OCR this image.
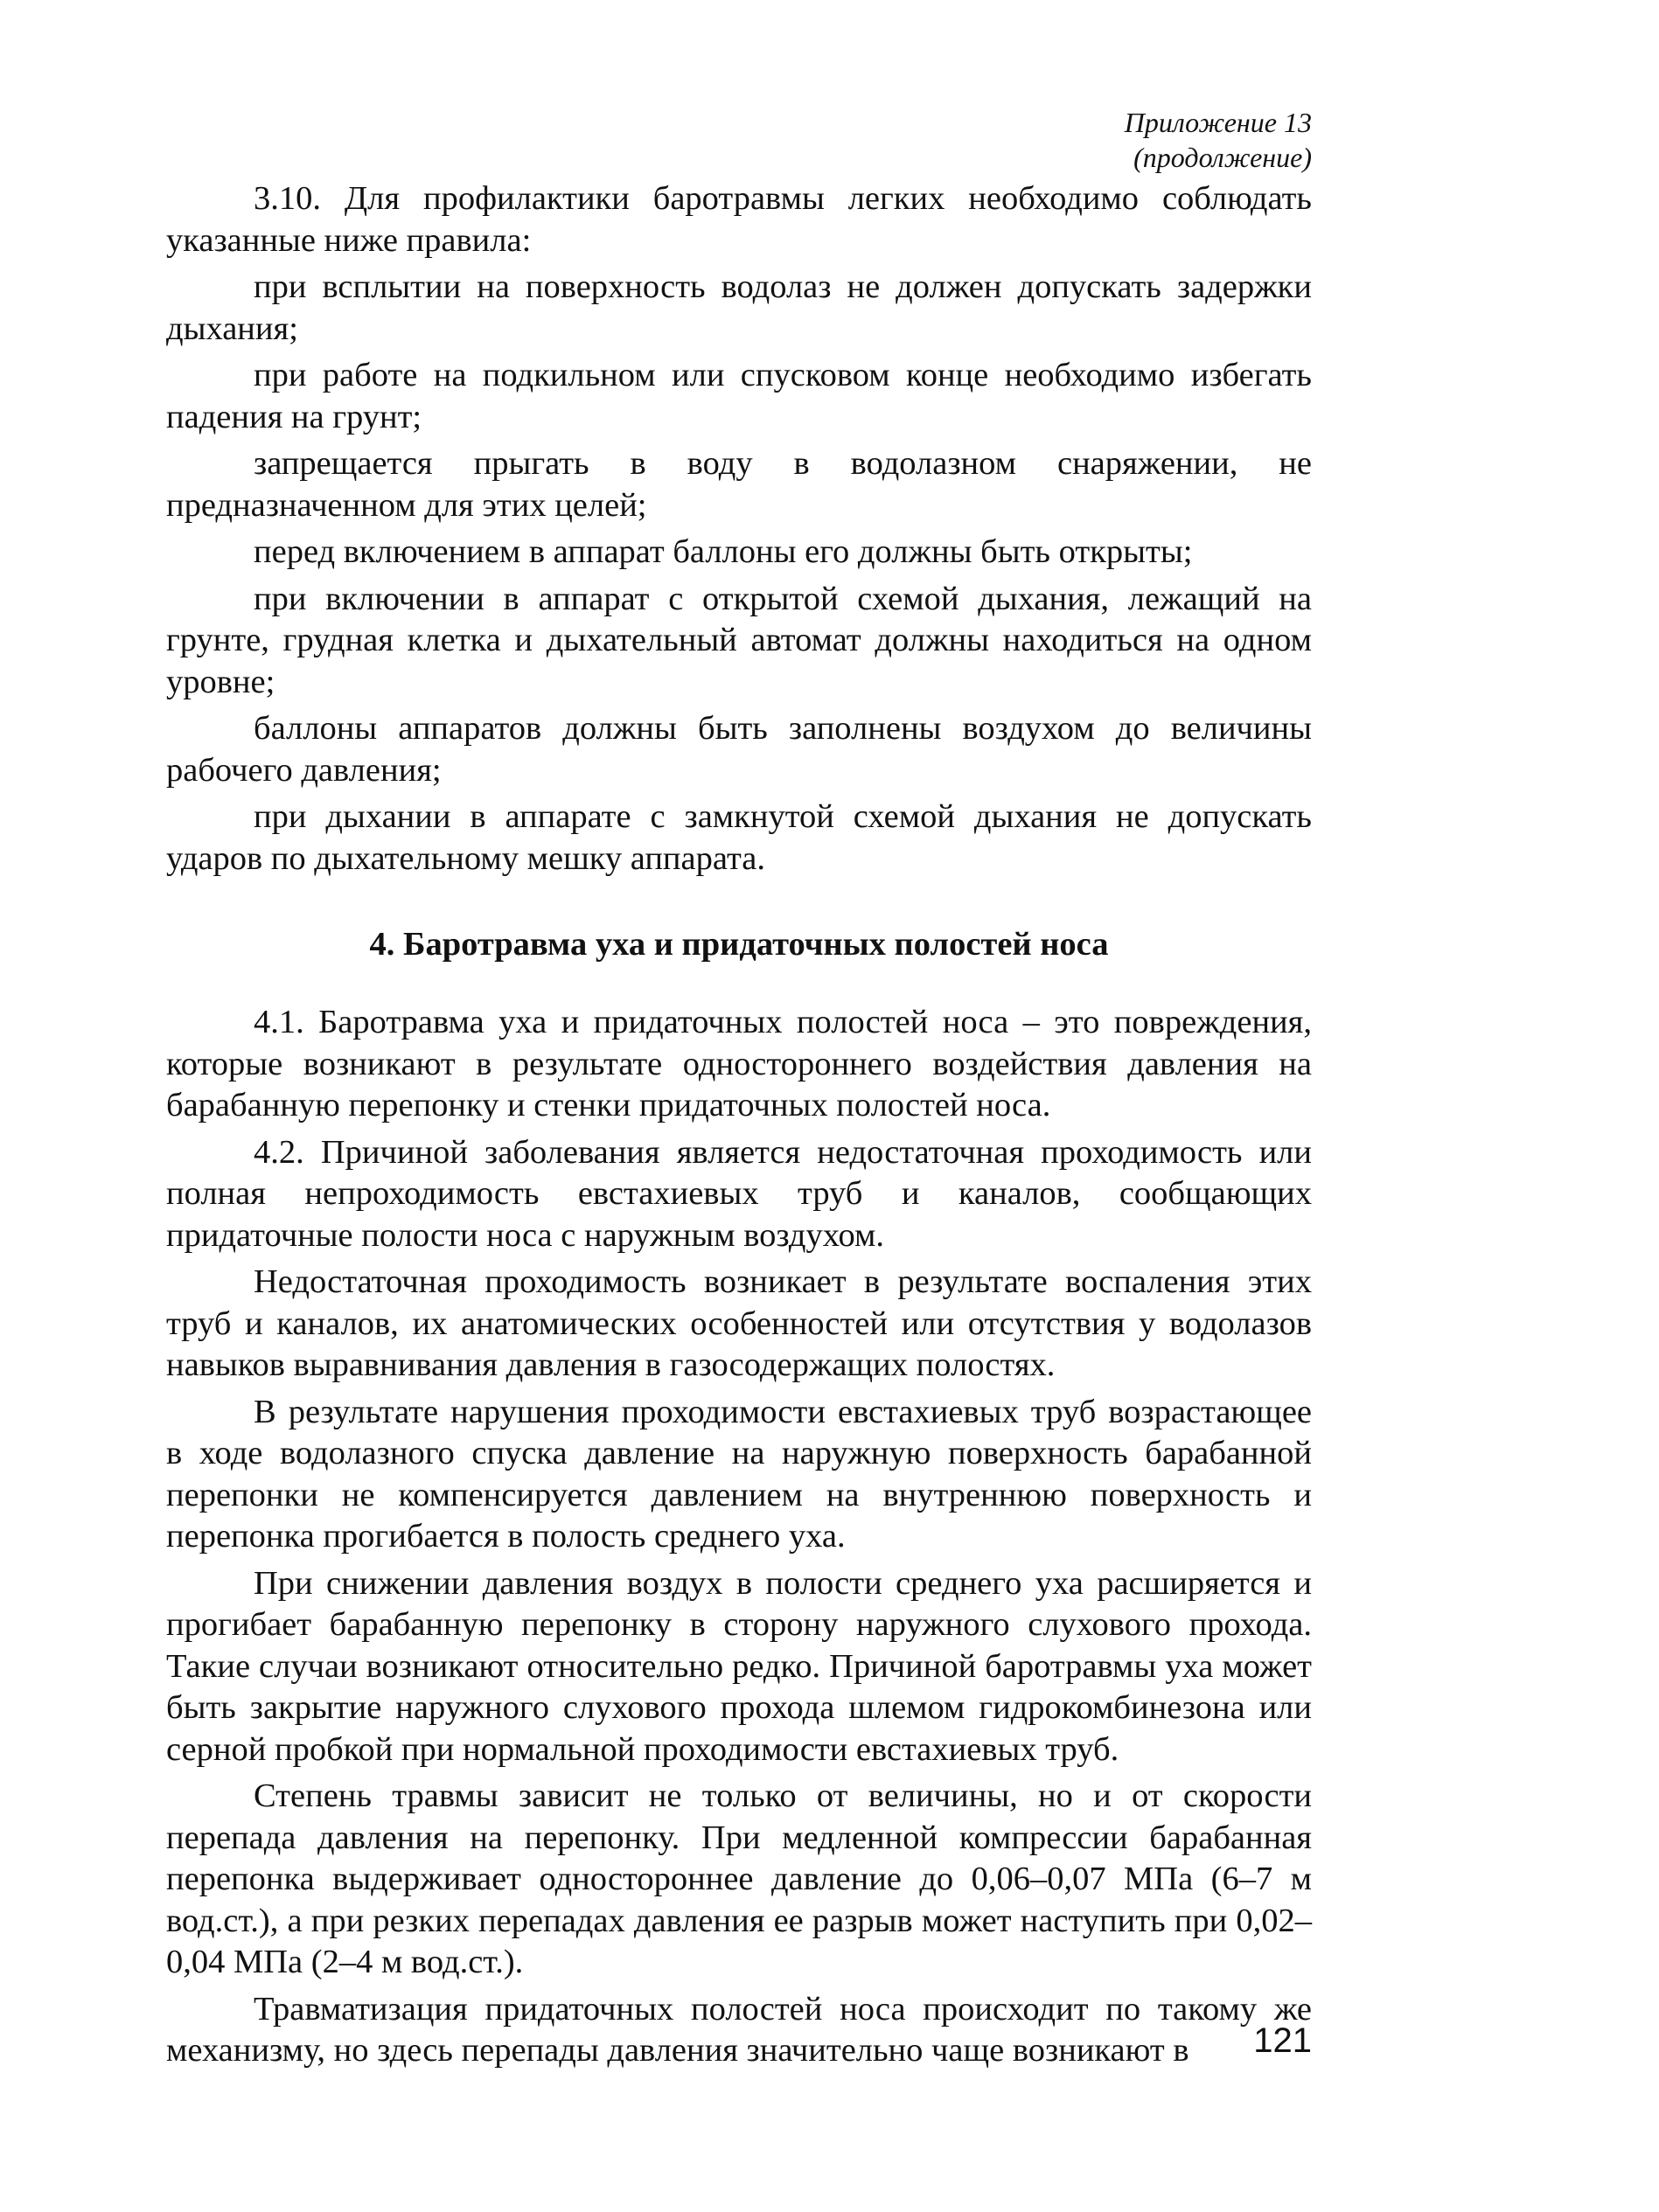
Приложение 13
(продолжение)

3.10. Для профилактики баротравмы легких необходимо соблюдать указанные ниже правила:

при всплытии на поверхность водолаз не должен допускать задержки дыхания;

при работе на подкильном или спусковом конце необходимо избегать падения на грунт;

запрещается прыгать в воду в водолазном снаряжении, не предназначенном для этих целей;

перед включением в аппарат баллоны его должны быть открыты;

при включении в аппарат с открытой схемой дыхания, лежащий на грунте, грудная клетка и дыхательный автомат должны находиться на одном уровне;

баллоны аппаратов должны быть заполнены воздухом до величины рабочего давления;

при дыхании в аппарате с замкнутой схемой дыхания не допускать ударов по дыхательному мешку аппарата.

4. Баротравма уха и придаточных полостей носа

4.1. Баротравма уха и придаточных полостей носа – это повреждения, которые возникают в результате одностороннего воздействия давления на барабанную перепонку и стенки придаточных полостей носа.

4.2. Причиной заболевания является недостаточная проходимость или полная непроходимость евстахиевых труб и каналов, сообщающих придаточные полости носа с наружным воздухом.

Недостаточная проходимость возникает в результате воспаления этих труб и каналов, их анатомических особенностей или отсутствия у водолазов навыков выравнивания давления в газосодержащих полостях.

В результате нарушения проходимости евстахиевых труб возрастающее в ходе водолазного спуска давление на наружную поверхность барабанной перепонки не компенсируется давлением на внутреннюю поверхность и перепонка прогибается в полость среднего уха.

При снижении давления воздух в полости среднего уха расширяется и прогибает барабанную перепонку в сторону наружного слухового прохода. Такие случаи возникают относительно редко. Причиной баротравмы уха может быть закрытие наружного слухового прохода шлемом гидрокомбинезона или серной пробкой при нормальной проходимости евстахиевых труб.

Степень травмы зависит не только от величины, но и от скорости перепада давления на перепонку. При медленной компрессии барабанная перепонка выдерживает одностороннее давление до 0,06–0,07 МПа (6–7 м вод.ст.), а при резких перепадах давления ее разрыв может наступить при 0,02–0,04 МПа (2–4 м вод.ст.).

Травматизация придаточных полостей носа происходит по такому же механизму, но здесь перепады давления значительно чаще возникают в	121
